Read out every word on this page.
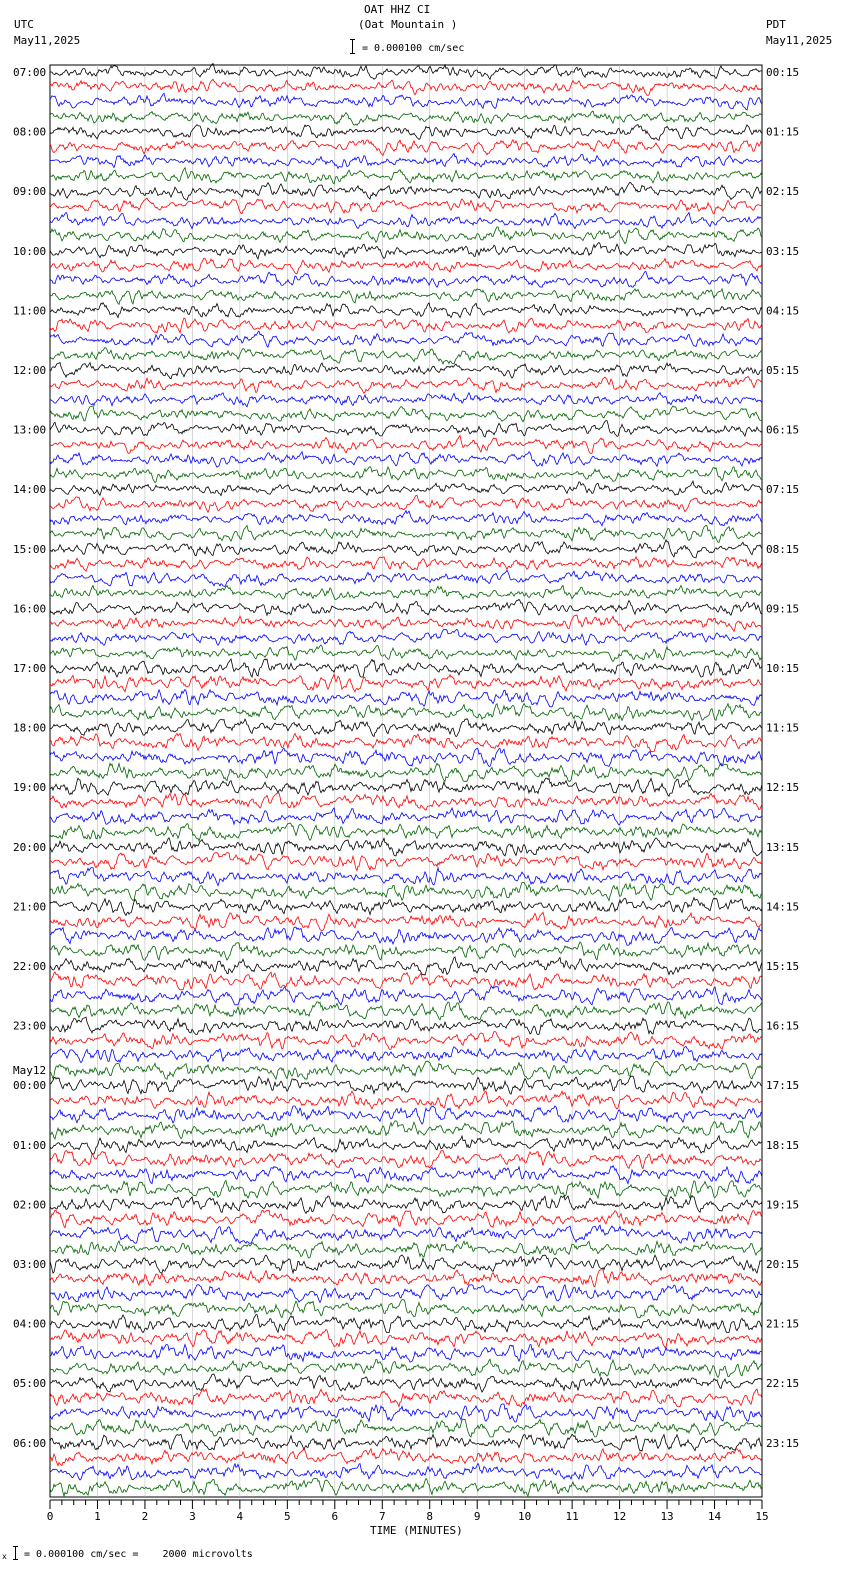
OAT HHZ CI
(Oat Mountain )
UTC
May11,2025
PDT
May11,2025
= 0.000100 cm/sec
07:00	00:15
08:00	01:15
09:00	02:15
10:00	03:15
11:00	04:15
12:00	05:15
13:00	06:15
14:00	07:15
15:00	08:15
16:00	09:15
17:00	10:15
18:00	11:15
19:00	12:15
20:00	13:15
21:00	14:15
22:00	15:15
23:00	16:15
00:00
May12
17:15
01:00	18:15
02:00	19:15
03:00	20:15
04:00	21:15
05:00	22:15
06:00	23:15
0	1	2	3	4	5	6	7	8	9	10	11	12	13	14	15
TIME (MINUTES)
x = 0.000100 cm/sec =    2000 microvolts
